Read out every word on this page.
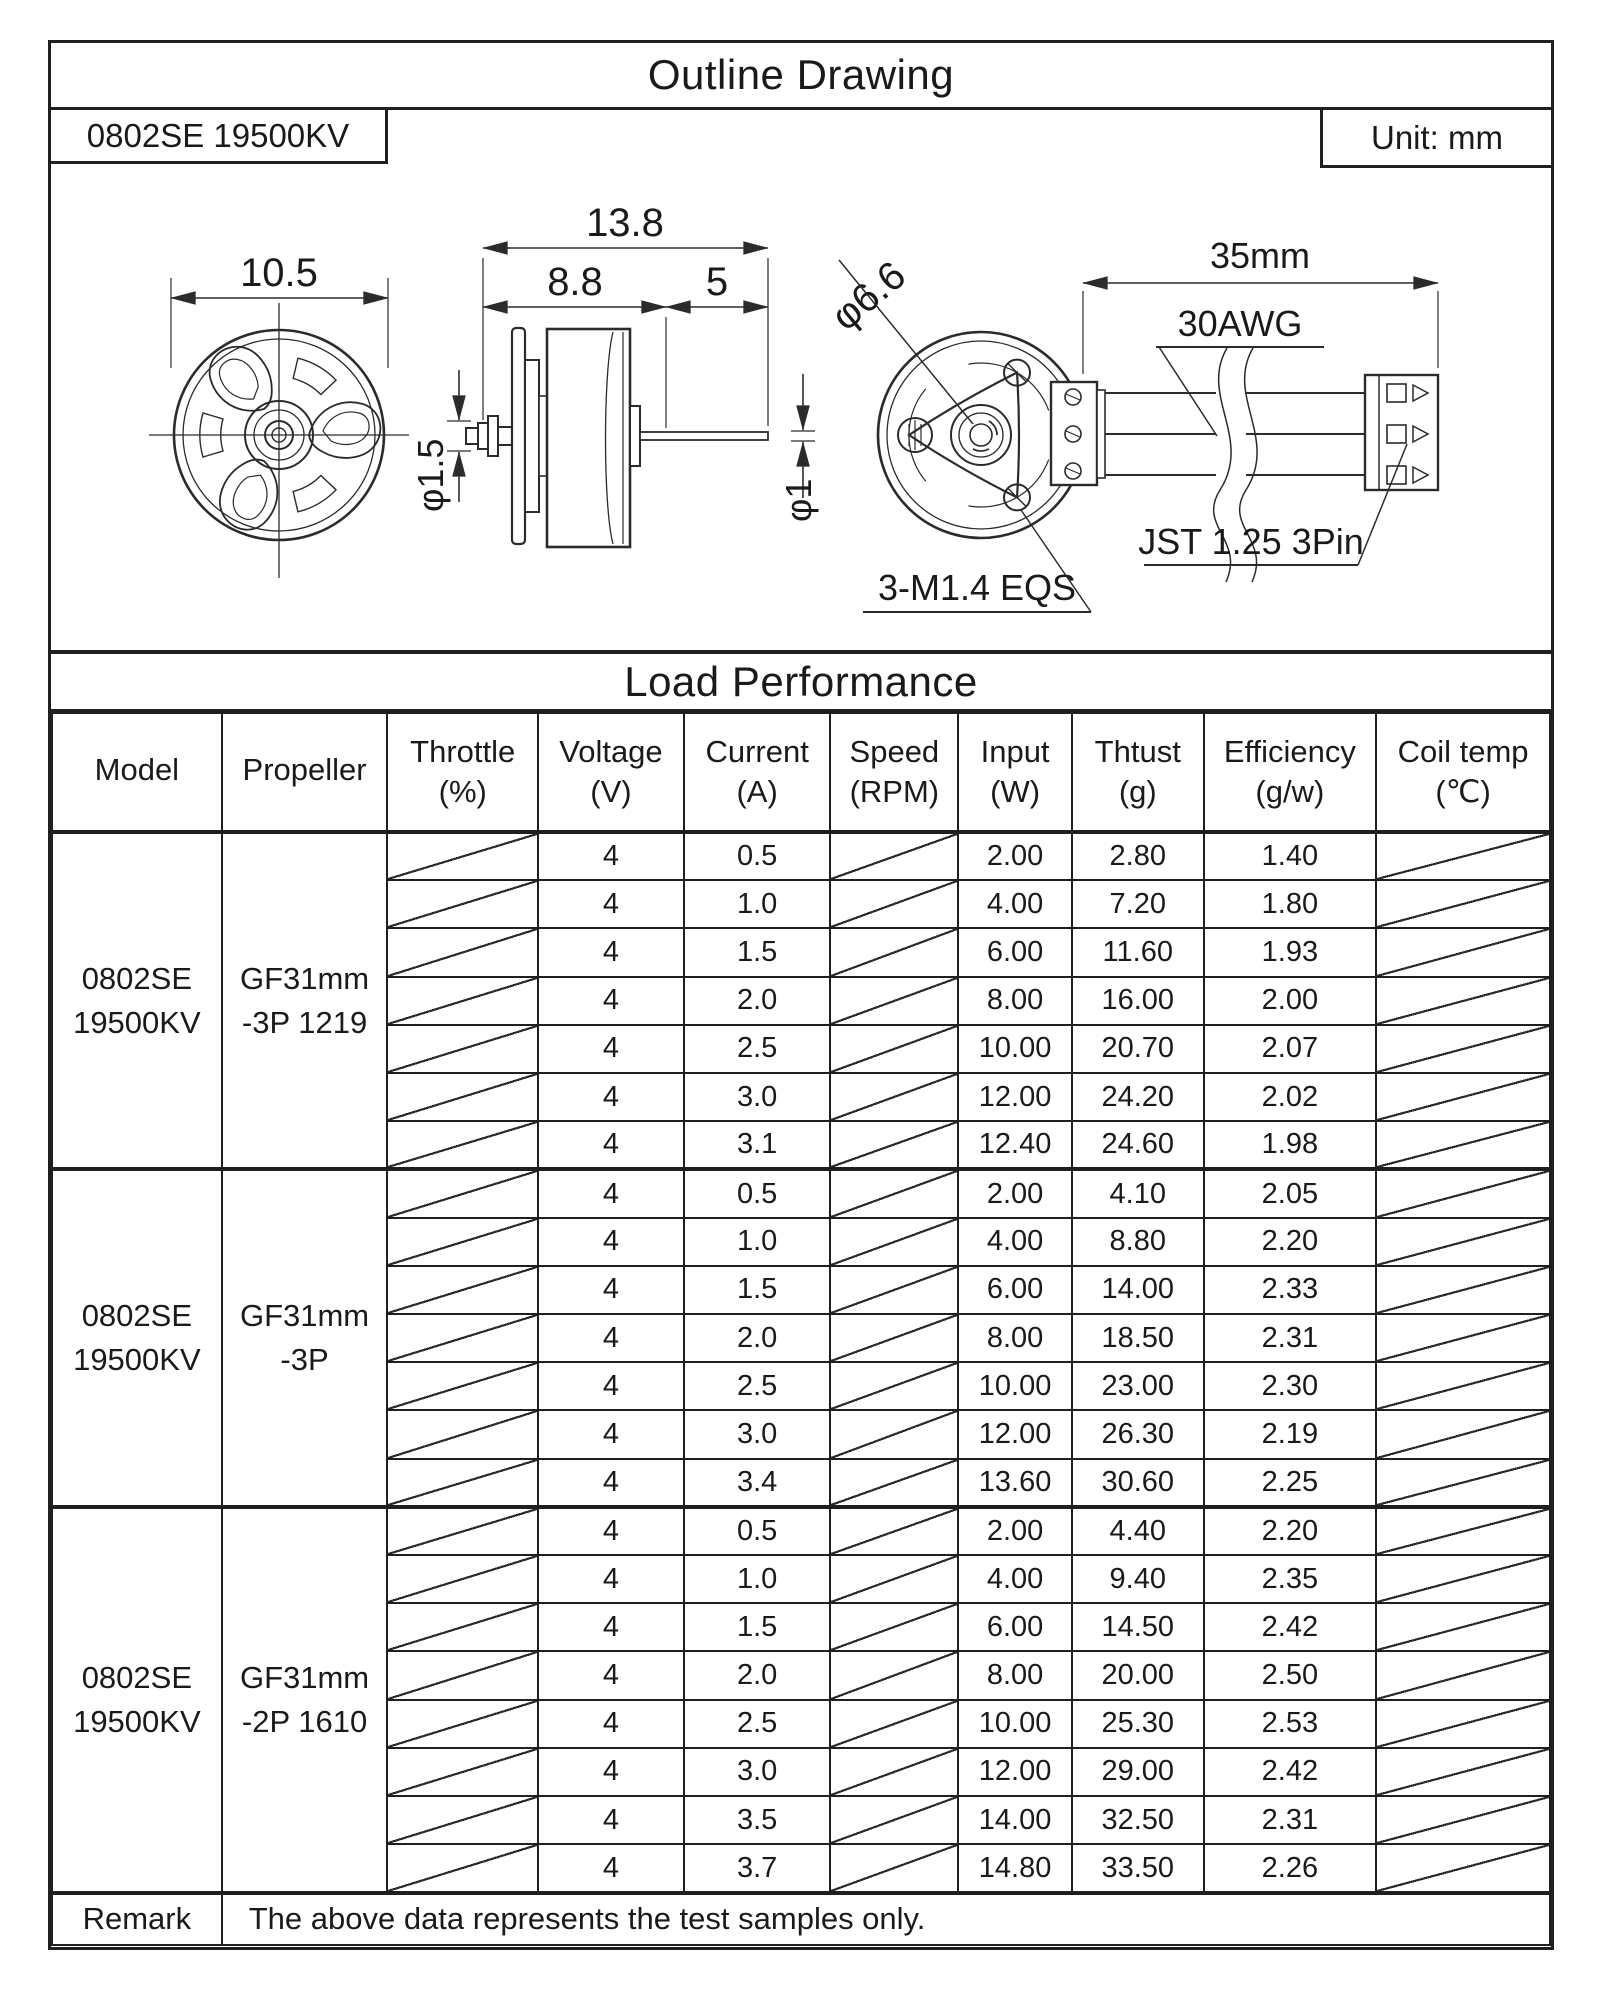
Outline Drawing
10.5
13.8
8.8	5
φ1.5	φ1
35mm
30AWG
JST 1.25 3Pin
3-M1.4 EQS
φ6.6
0802SE 19500KV	Unit: mm
Load Performance
Model	Propeller

Throttle
(%)

Voltage
(V)

Current
(A)

Speed
(RPM)

Input
(W)

Thtust
(g)

Efficiency
(g/w)

Coil temp
(℃)

0802SE
19500KV

GF31mm
-3P 1219
		4	0.5		2.00	2.80	1.40	
			4	1.0		4.00	7.20	1.80	
			4	1.5		6.00	11.60	1.93	
			4	2.0		8.00	16.00	2.00	
			4	2.5		10.00	20.70	2.07	
			4	3.0		12.00	24.20	2.02	
			4	3.1		12.40	24.60	1.98	

0802SE
19500KV

GF31mm
-3P
		4	0.5		2.00	4.10	2.05	
			4	1.0		4.00	8.80	2.20	
			4	1.5		6.00	14.00	2.33	
			4	2.0		8.00	18.50	2.31	
			4	2.5		10.00	23.00	2.30	
			4	3.0		12.00	26.30	2.19	
			4	3.4		13.60	30.60	2.25	

0802SE
19500KV

GF31mm
-2P 1610
		4	0.5		2.00	4.40	2.20	
			4	1.0		4.00	9.40	2.35	
			4	1.5		6.00	14.50	2.42	
			4	2.0		8.00	20.00	2.50	
			4	2.5		10.00	25.30	2.53	
			4	3.0		12.00	29.00	2.42	
			4	3.5		14.00	32.50	2.31	
			4	3.7		14.80	33.50	2.26	
Remark	The above data represents the test samples only.								
